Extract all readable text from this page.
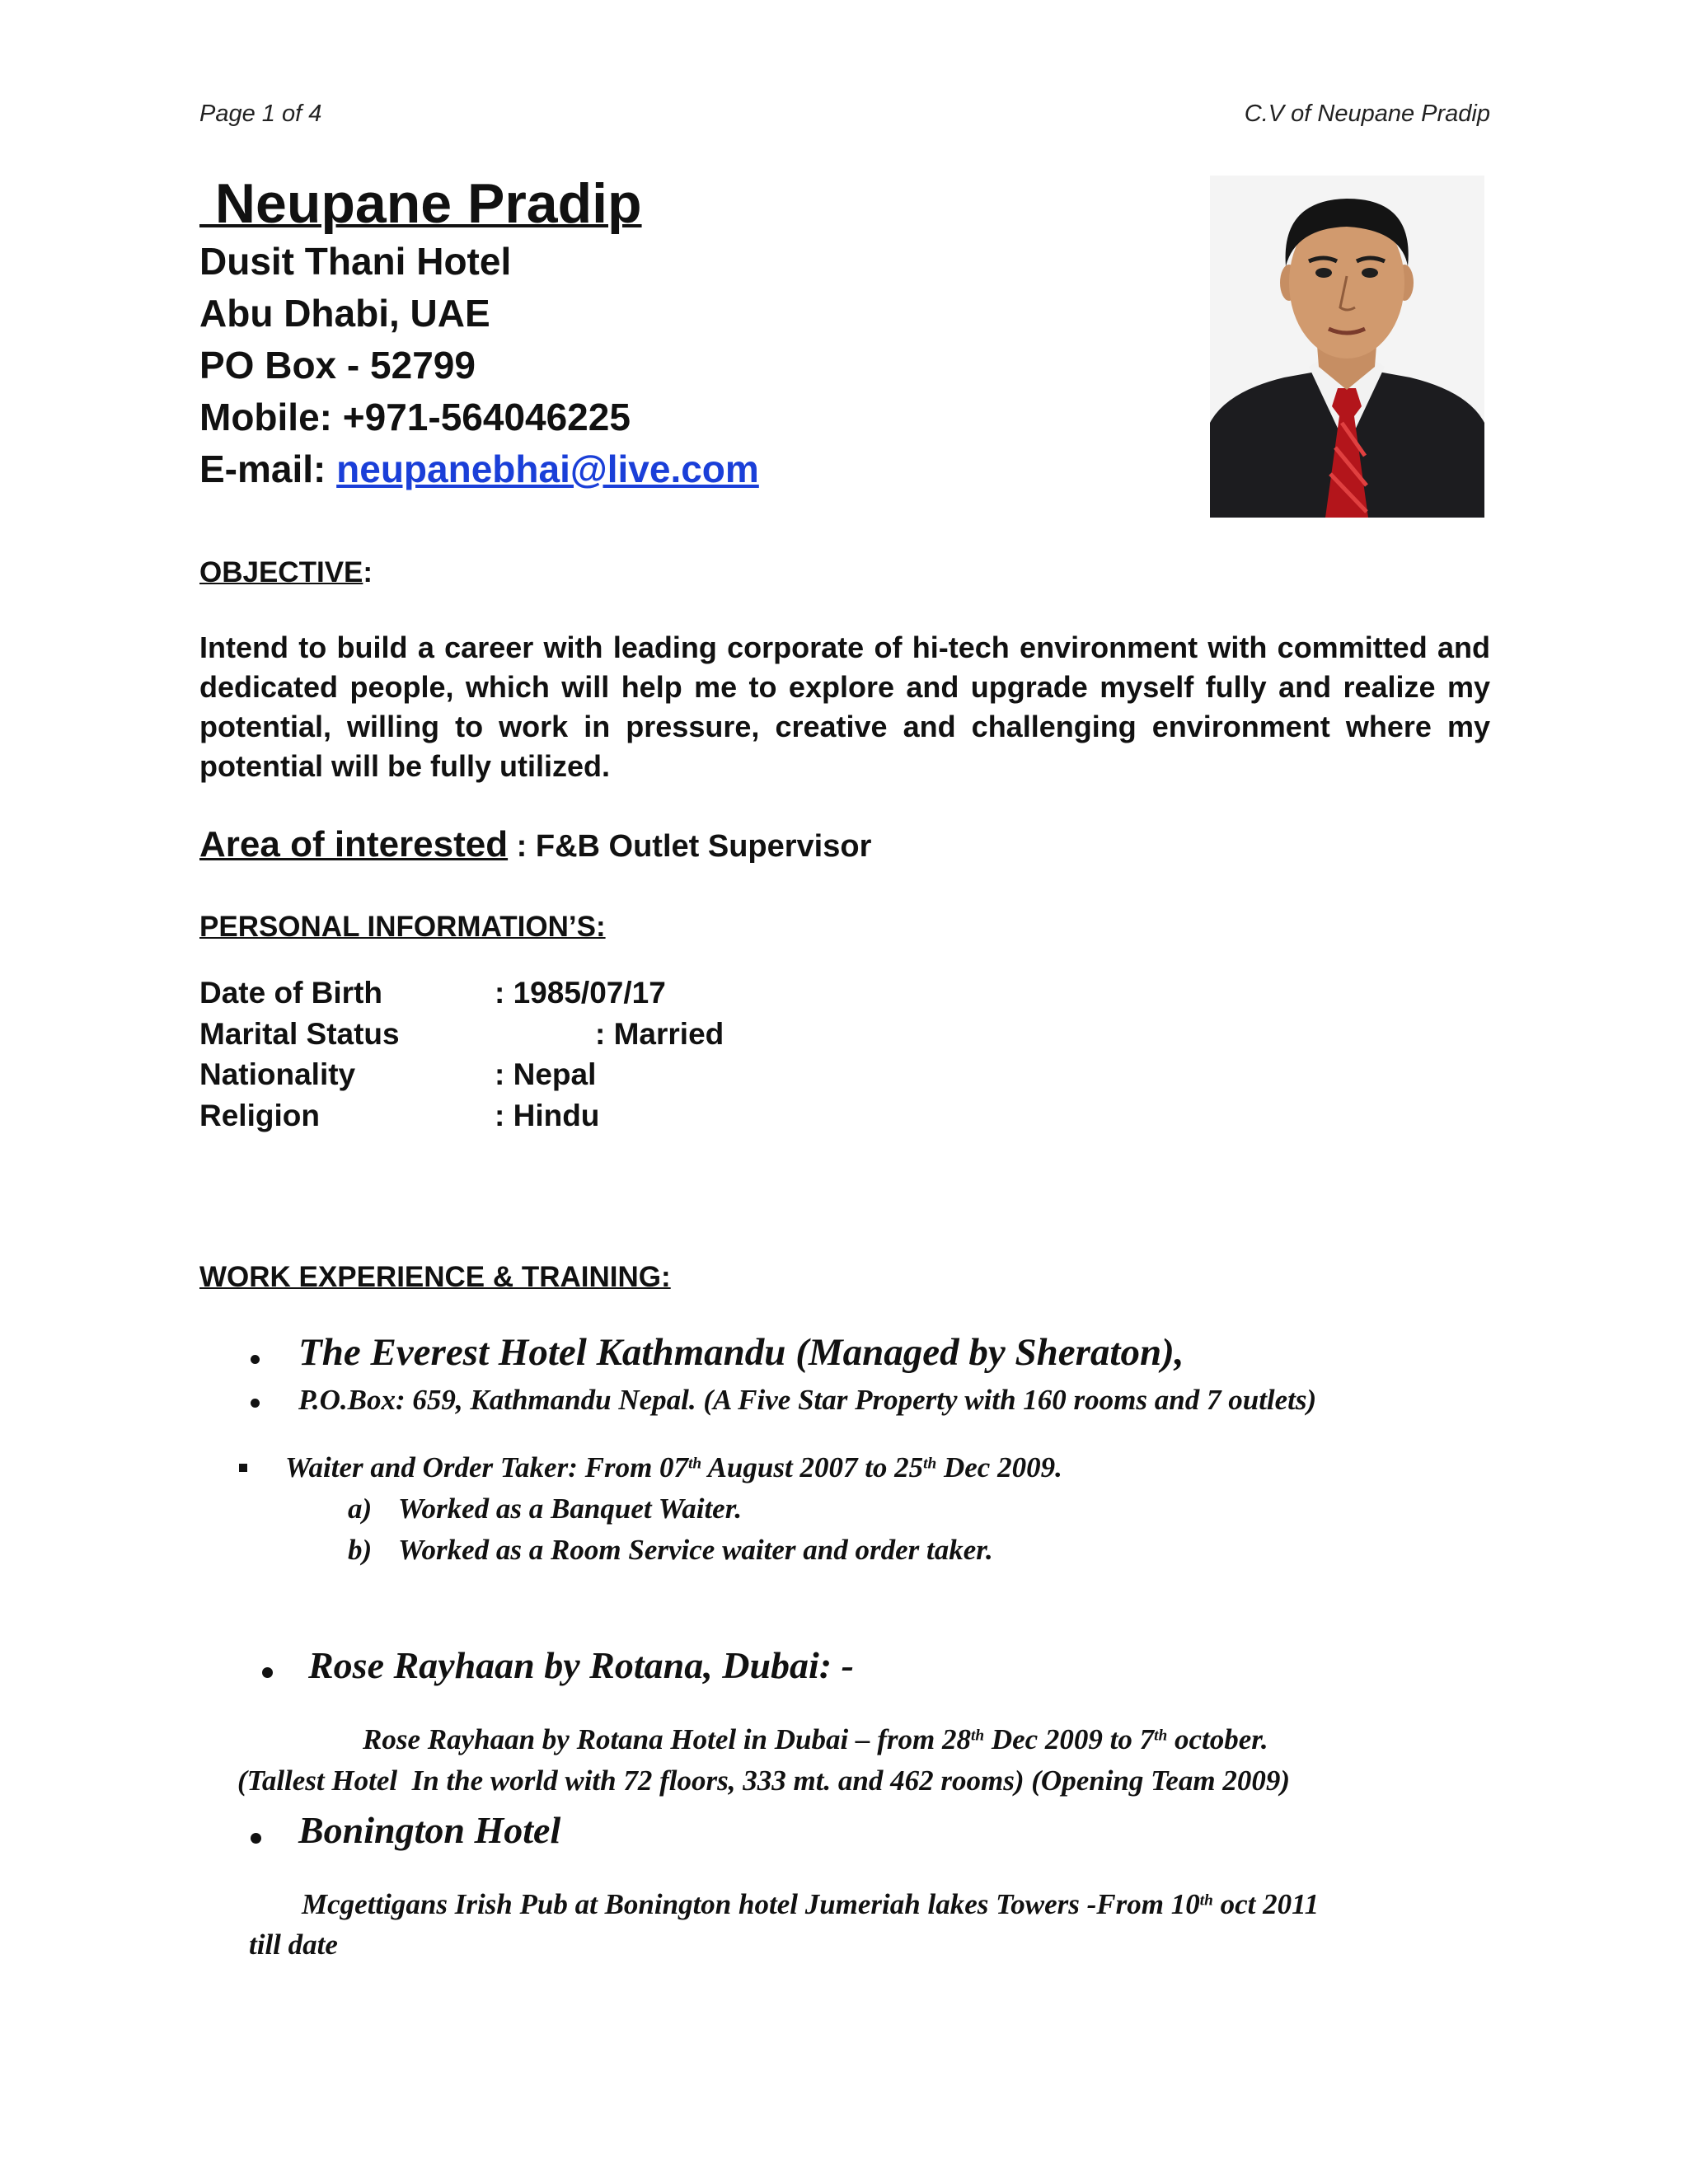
Page 1 of 4	C.V of Neupane Pradip
Neupane Pradip
Dusit Thani Hotel
Abu Dhabi, UAE
PO Box - 52799
Mobile: +971-564046225
E-mail: neupanebhai@live.com
OBJECTIVE:
Intend to build a career with leading corporate of hi-tech environment with committed and dedicated people, which will help me to explore and upgrade myself fully and realize my potential, willing to work in pressure, creative and challenging environment where my potential will be fully utilized.
Area of interested : F&B Outlet Supervisor
PERSONAL INFORMATION’S:
Date of Birth	: 1985/07/17
Marital Status	: Married
Nationality	: Nepal
Religion	: Hindu
WORK EXPERIENCE & TRAINING:
The Everest Hotel Kathmandu (Managed by Sheraton),
P.O.Box: 659, Kathmandu Nepal. (A Five Star Property with 160 rooms and 7 outlets)
Waiter and Order Taker: From 07th August 2007 to 25th Dec 2009.
a) Worked as a Banquet Waiter.
b) Worked as a Room Service waiter and order taker.
Rose Rayhaan by Rotana, Dubai: -
Rose Rayhaan by Rotana Hotel in Dubai – from 28th Dec 2009 to 7th october.
(Tallest Hotel  In the world with 72 floors, 333 mt. and 462 rooms) (Opening Team 2009)
Bonington Hotel
Mcgettigans Irish Pub at Bonington hotel Jumeriah lakes Towers -From 10th oct 2011
till date
